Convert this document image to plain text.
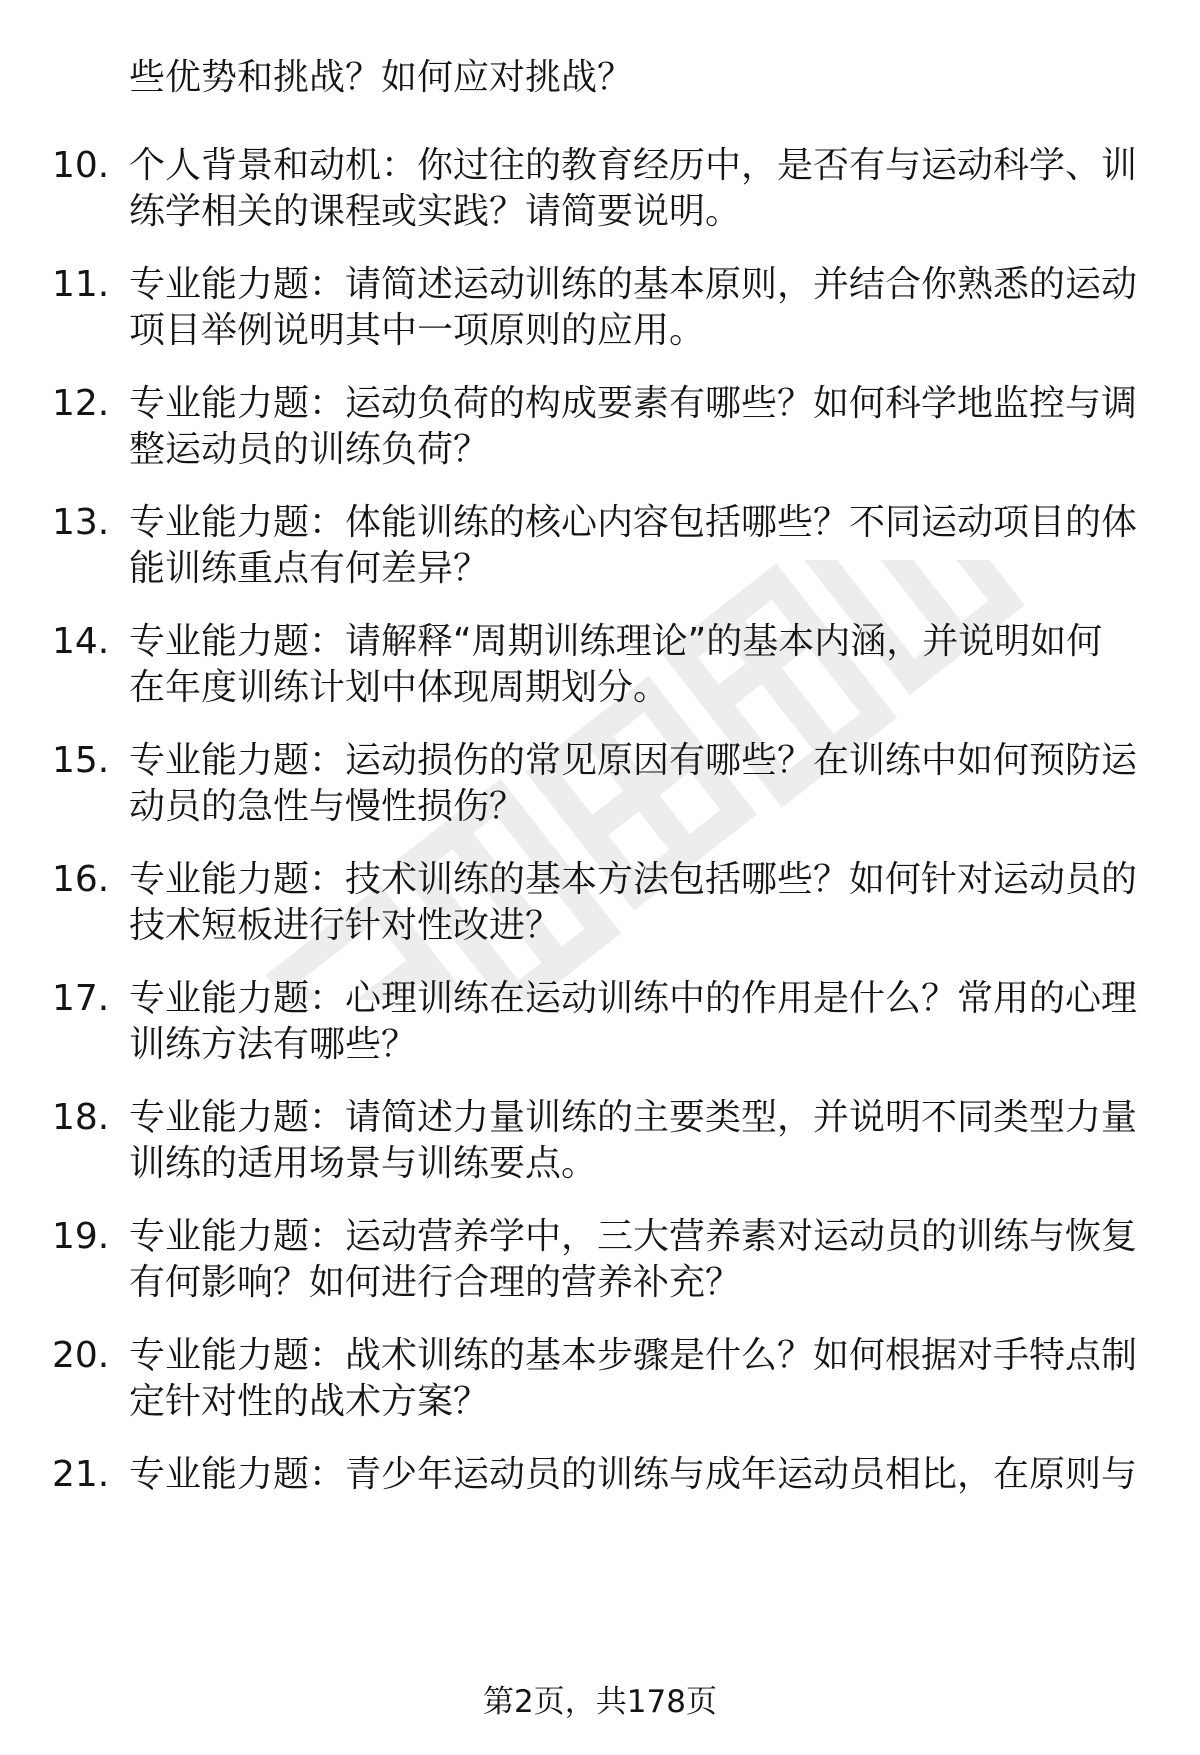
些优势和挑战？如何应对挑战？
10. 个人背景和动机：你过往的教育经历中，是否有与运动科学、训
练学相关的课程或实践？请简要说明。
11. 专业能力题：请简述运动训练的基本原则，并结合你熟悉的运动
项目举例说明其中一项原则的应用。
12. 专业能力题：运动负荷的构成要素有哪些？如何科学地监控与调
整运动员的训练负荷？
13. 专业能力题：体能训练的核心内容包括哪些？不同运动项目的体
能训练重点有何差异？
14. 专业能力题：请解释“周期训练理论”的基本内涵，并说明如何
在年度训练计划中体现周期划分。
15. 专业能力题：运动损伤的常见原因有哪些？在训练中如何预防运
动员的急性与慢性损伤？
16. 专业能力题：技术训练的基本方法包括哪些？如何针对运动员的
技术短板进行针对性改进？
17. 专业能力题：心理训练在运动训练中的作用是什么？常用的心理
训练方法有哪些？
18. 专业能力题：请简述力量训练的主要类型，并说明不同类型力量
训练的适用场景与训练要点。
19. 专业能力题：运动营养学中，三大营养素对运动员的训练与恢复
有何影响？如何进行合理的营养补充？
20. 专业能力题：战术训练的基本步骤是什么？如何根据对手特点制
定针对性的战术方案？
21. 专业能力题：青少年运动员的训练与成年运动员相比，在原则与
第2页，共178页
